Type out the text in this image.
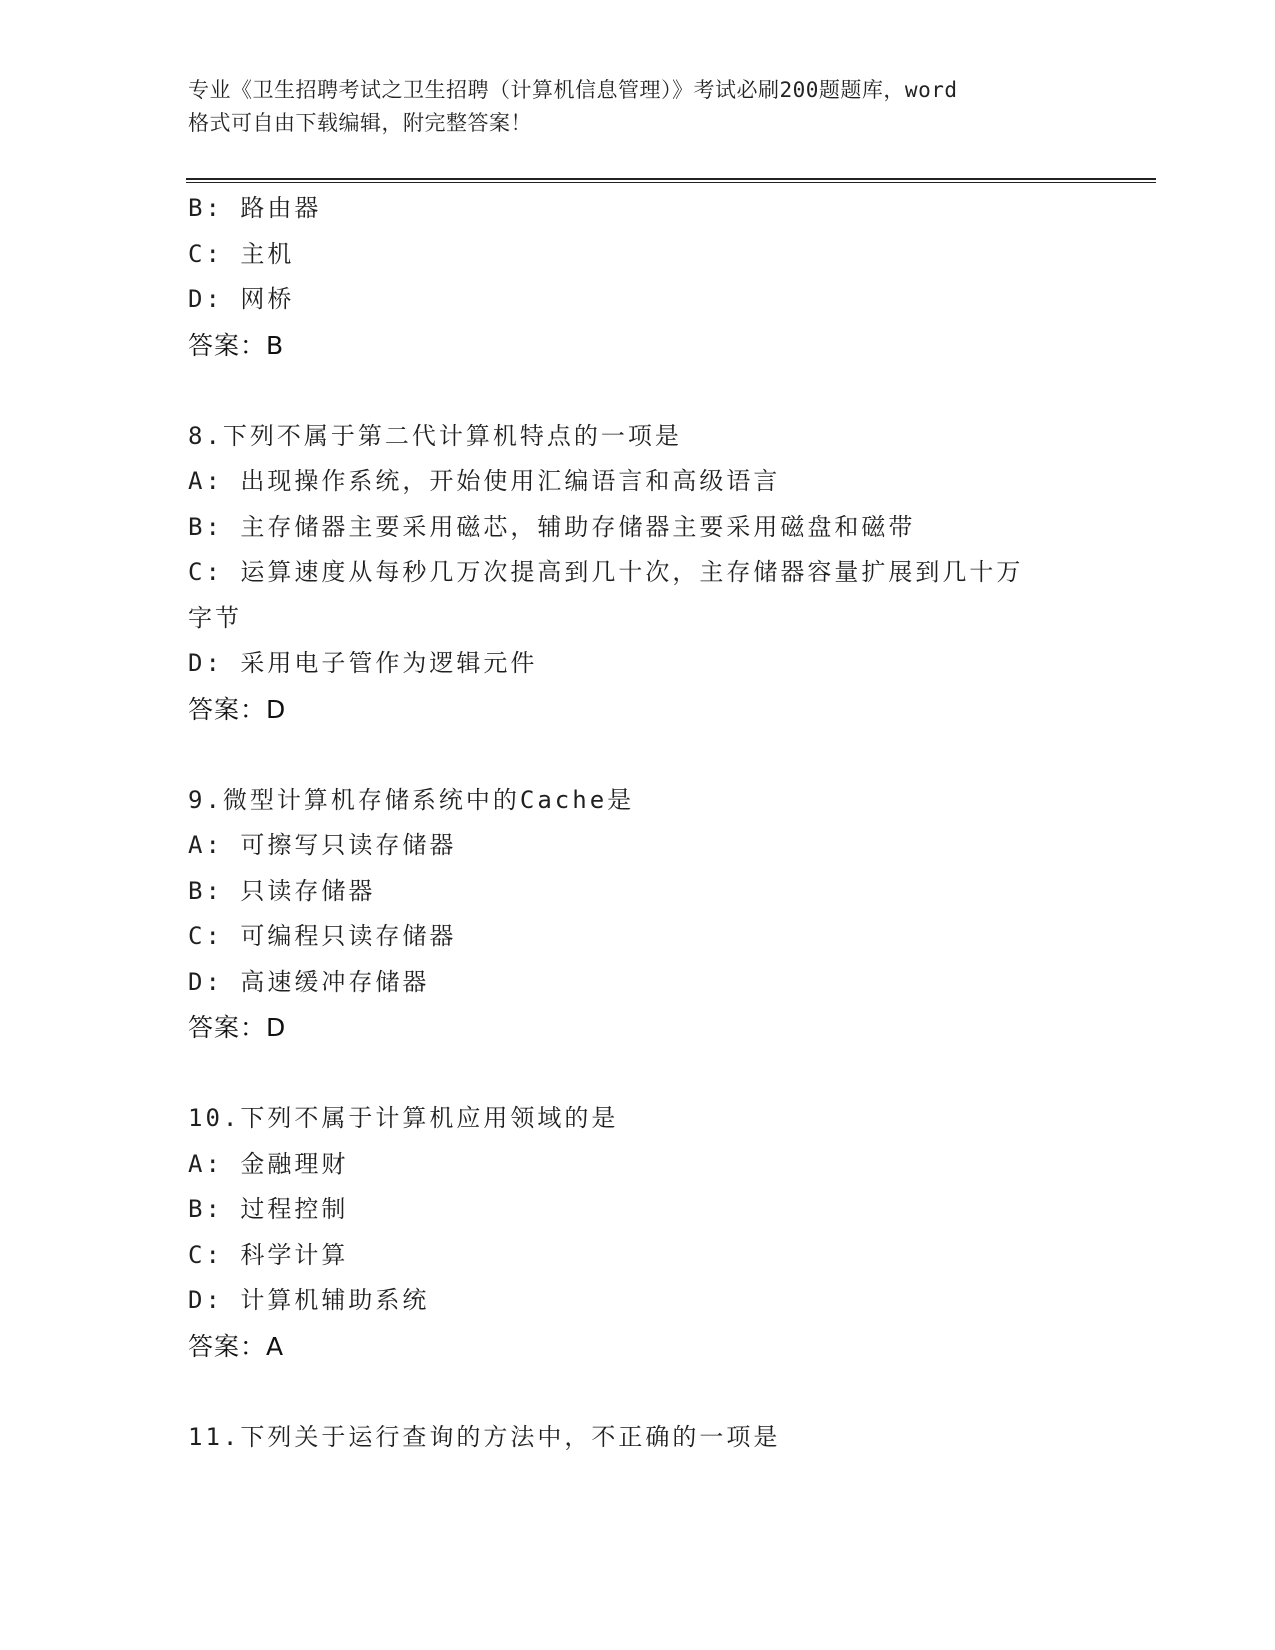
专业《卫生招聘考试之卫生招聘（计算机信息管理）》考试必刷200题题库，word
格式可自由下载编辑，附完整答案！
B: 路由器
C: 主机
D: 网桥
答案：B
8.下列不属于第二代计算机特点的一项是
A: 出现操作系统，开始使用汇编语言和高级语言
B: 主存储器主要采用磁芯，辅助存储器主要采用磁盘和磁带
C: 运算速度从每秒几万次提高到几十次，主存储器容量扩展到几十万
字节
D: 采用电子管作为逻辑元件
答案：D
9.微型计算机存储系统中的Cache是
A: 可擦写只读存储器
B: 只读存储器
C: 可编程只读存储器
D: 高速缓冲存储器
答案：D
10.下列不属于计算机应用领域的是
A: 金融理财
B: 过程控制
C: 科学计算
D: 计算机辅助系统
答案：A
11.下列关于运行查询的方法中，不正确的一项是
